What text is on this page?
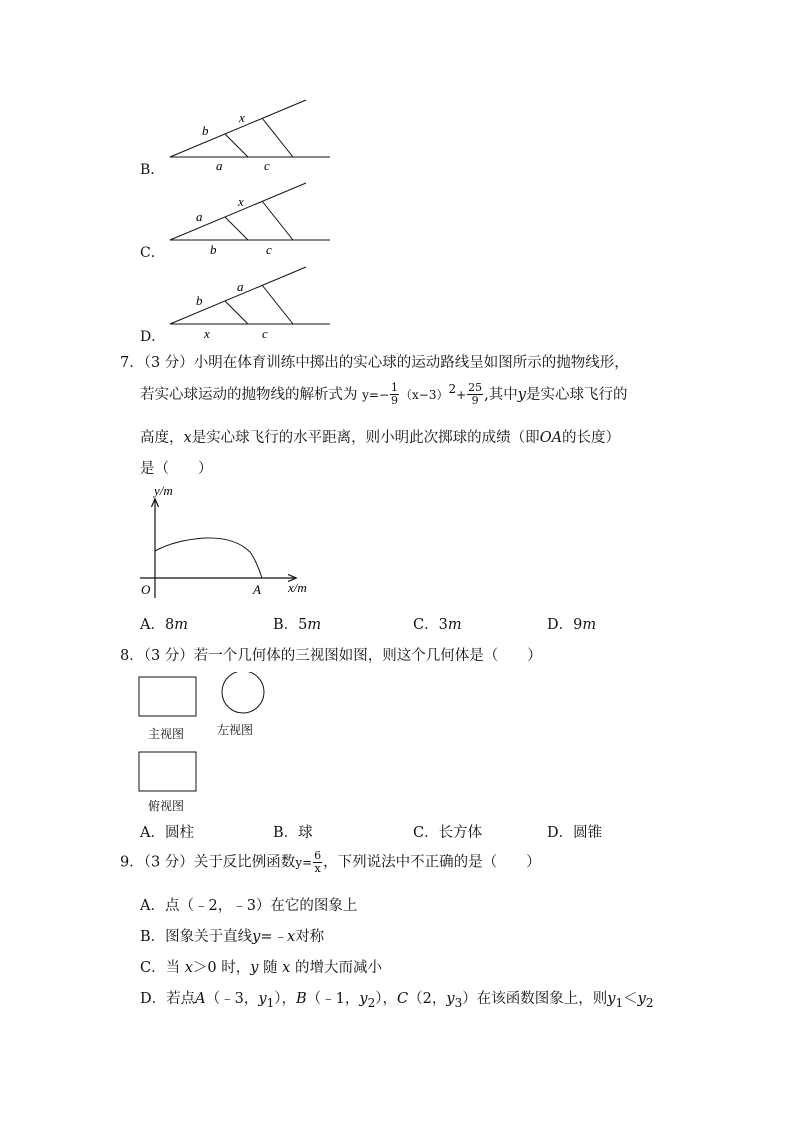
B．
b
x
a	c
C．
a
x
b	c
D．
b
a
x	c
7．（3 分）小明在体育训练中掷出的实心球的运动路线呈如图所示的抛物线形，
若实心球运动的抛物线的解析式为 $y=- \frac{1}{9} (x-3)^2+ \frac{25}{9}$ ,其中y是实心球飞行的
高度，x是实心球飞行的水平距离，则小明此次掷球的成绩（即OA的长度）
是（　　）
y/m
x/m
O	A
A．8m	B．5m	C．3m	D．9m
8．（3 分）若一个几何体的三视图如图，则这个几何体是（　　）
主视图	左视图
俯视图
A．圆柱	B．球	C．长方体	D．圆锥
9．（3 分）关于反比例函数$y= \frac{6}{x}$ ，下列说法中不正确的是（　　）
A．点（﹣2，﹣3）在它的图象上
B．图象关于直线y=﹣x对称
C．当 x＞0 时，y 随 x 的增大而减小
D．若点A（﹣3，$y_1$），B（﹣1，$y_2$），C（2，$y_3$）在该函数图象上，则$y_1<y_2$
